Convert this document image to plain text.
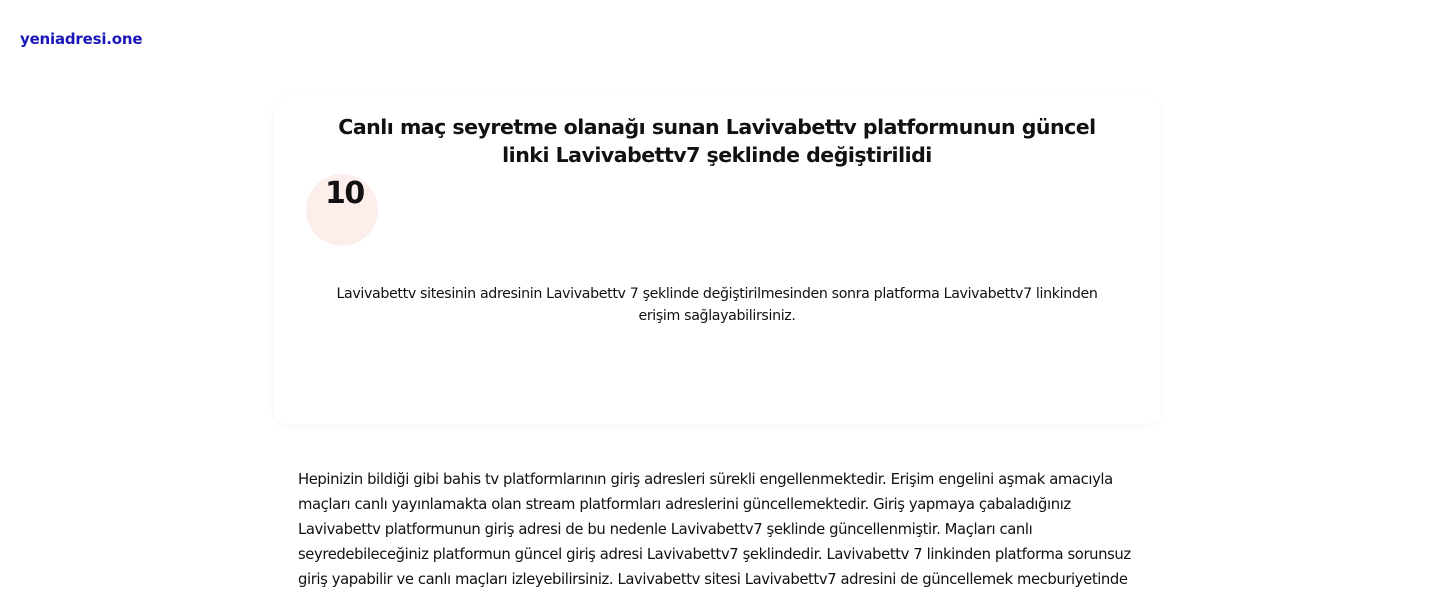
yeniadresi.one
Canlı maç seyretme olanağı sunan Lavivabettv platformunun güncel linki Lavivabettv7 şeklinde değiştirilidi
10

Lavivabettv sitesinin adresinin Lavivabettv 7 şeklinde değiştirilmesinden sonra platforma Lavivabettv7 linkinden erişim sağlayabilirsiniz.

Hepinizin bildiği gibi bahis tv platformlarının giriş adresleri sürekli engellenmektedir. Erişim engelini aşmak amacıyla maçları canlı yayınlamakta olan stream platformları adreslerini güncellemektedir. Giriş yapmaya çabaladığınız Lavivabettv platformunun giriş adresi de bu nedenle Lavivabettv7 şeklinde güncellenmiştir. Maçları canlı seyredebileceğiniz platformun güncel giriş adresi Lavivabettv7 şeklindedir. Lavivabettv 7 linkinden platforma sorunsuz giriş yapabilir ve canlı maçları izleyebilirsiniz. Lavivabettv sitesi Lavivabettv7 adresini de güncellemek mecburiyetinde
